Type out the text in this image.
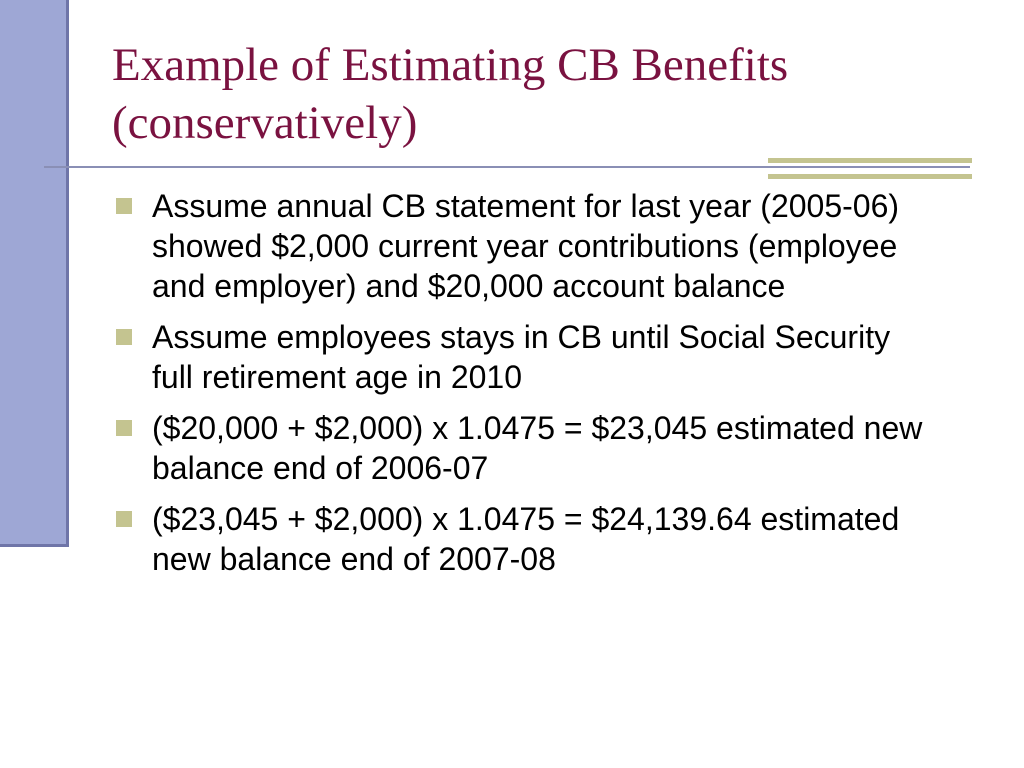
Example of Estimating CB Benefits
(conservatively)
Assume annual CB statement for last year (2005-06) showed $2,000 current year contributions (employee and employer) and $20,000 account balance
Assume employees stays in CB until Social Security full retirement age in 2010
($20,000 + $2,000) x 1.0475 = $23,045 estimated new balance end of 2006-07
($23,045 + $2,000) x 1.0475 = $24,139.64 estimated new balance end of 2007-08
